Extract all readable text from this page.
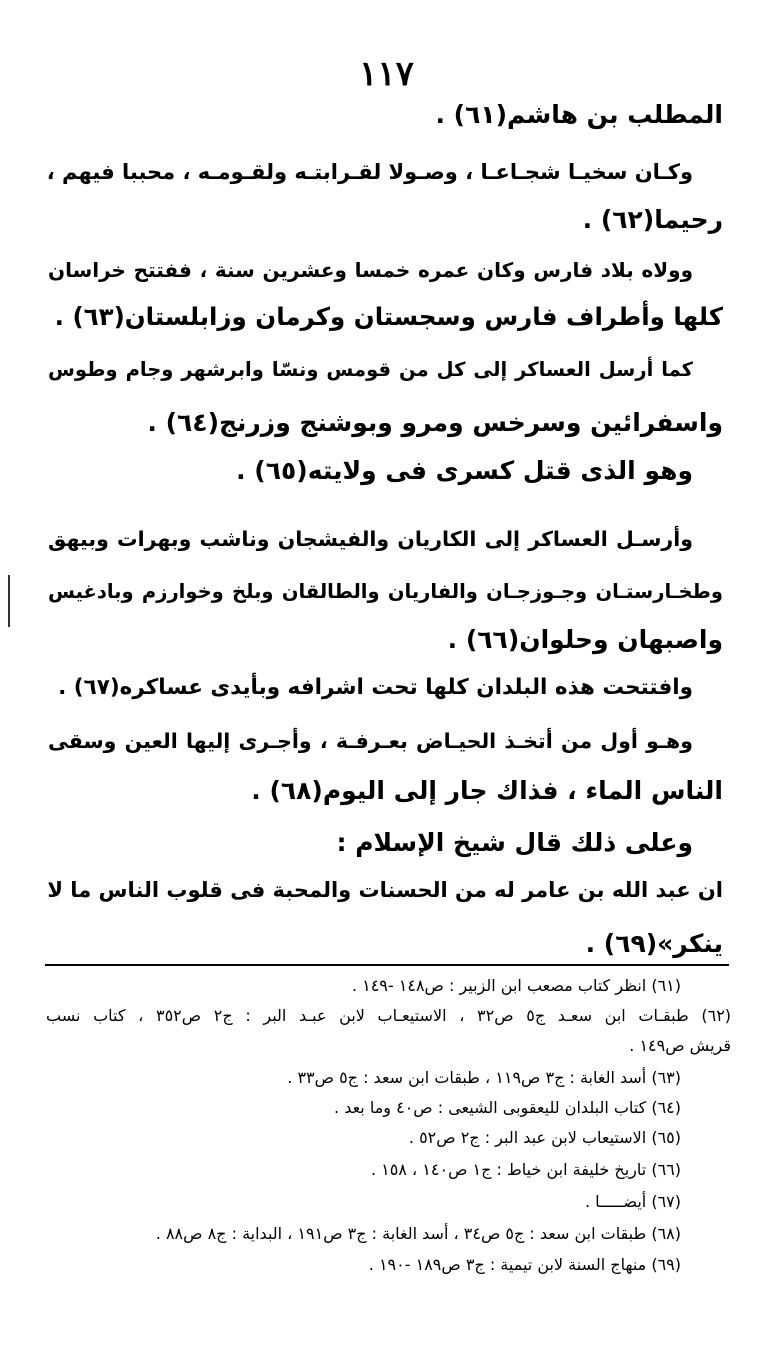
١١٧
المطلب بن هاشم(٦١) .
وكـان سخيـا شجـاعـا ، وصـولا لقـرابتـه ولقـومـه ، محببا فيهم ،
رحيما(٦٢) .
وولاه بلاد فارس وكان عمره خمسا وعشرين سنة ، ففتتح خراسان
كلها وأطراف فارس وسجستان وكرمان وزابلستان(٦٣) .
كما أرسل العساكر إلى كل من قومس ونسّا وابرشهر وجام وطوس
واسفرائين وسرخس ومرو وبوشنج وزرنج(٦٤) .
وهو الذى قتل كسرى فى ولايته(٦٥) .
وأرسـل العساكر إلى الكاريان والفيشجان وناشب وبهرات وبيهق
وطخـارستـان وجـوزجـان والفاريان والطالقان وبلخ وخوارزم وبادغيس
واصبهان وحلوان(٦٦) .
وافتتحت هذه البلدان كلها تحت اشرافه وبأيدى عساكره(٦٧) .
وهـو أول من أتخـذ الحيـاض بعـرفـة ، وأجـرى إليها العين وسقى
الناس الماء ، فذاك جار إلى اليوم(٦٨) .
وعلى ذلك قال شيخ الإسلام :
ان عبد الله بن عامر له من الحسنات والمحبة فى قلوب الناس ما لا
ينكر»(٦٩) .
(٦١) انظر كتاب مصعب ابن الزبير : ص١٤٨ -١٤٩ .
(٦٢) طبقـات ابن سعـد ج٥ ص٣٢ ، الاستيعـاب لابن عبـد البر : ج٢ ص٣٥٢ ، كتاب نسب
قريش ص١٤٩ .
(٦٣) أسد الغابة : ج٣ ص١١٩ ، طبقات ابن سعد : ج٥ ص٣٣ .
(٦٤) كتاب البلدان لليعقوبى الشيعى : ص٤٠ وما بعد .
(٦٥) الاستيعاب لابن عبد البر : ج٢ ص٥٢ .
(٦٦) تاريخ خليفة ابن خياط : ج١ ص١٤٠ ، ١٥٨ .
(٦٧) أيضـــــا .
(٦٨) طبقات ابن سعد : ج٥ ص٣٤ ، أسد الغابة : ج٣ ص١٩١ ، البداية : ج٨ ص٨٨ .
(٦٩) منهاج السنة لابن تيمية : ج٣ ص١٨٩ -١٩٠ .
